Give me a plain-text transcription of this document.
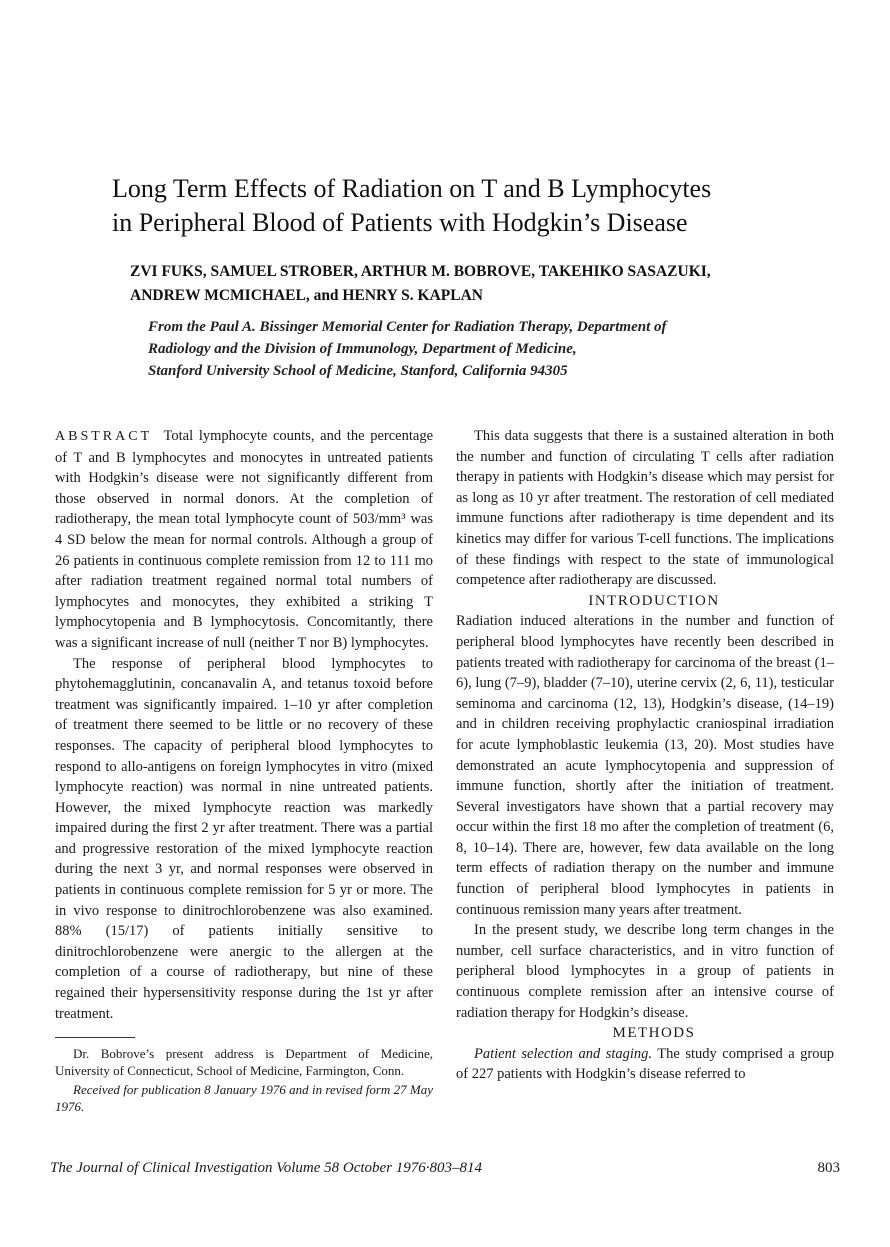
Long Term Effects of Radiation on T and B Lymphocytes
in Peripheral Blood of Patients with Hodgkin’s Disease
ZVI FUKS, SAMUEL STROBER, ARTHUR M. BOBROVE, TAKEHIKO SASAZUKI,
ANDREW MCMICHAEL, and HENRY S. KAPLAN
From the Paul A. Bissinger Memorial Center for Radiation Therapy, Department of
Radiology and the Division of Immunology, Department of Medicine,
Stanford University School of Medicine, Stanford, California 94305

ABSTRACT Total lymphocyte counts, and the percentage of T and B lymphocytes and monocytes in untreated patients with Hodgkin’s disease were not significantly different from those observed in normal donors. At the completion of radiotherapy, the mean total lymphocyte count of 503/mm³ was 4 SD below the mean for normal controls. Although a group of 26 patients in continuous complete remission from 12 to 111 mo after radiation treatment regained normal total numbers of lymphocytes and monocytes, they exhibited a striking T lymphocytopenia and B lymphocytosis. Concomitantly, there was a significant increase of null (neither T nor B) lymphocytes.

The response of peripheral blood lymphocytes to phytohemagglutinin, concanavalin A, and tetanus toxoid before treatment was significantly impaired. 1–10 yr after completion of treatment there seemed to be little or no recovery of these responses. The capacity of peripheral blood lymphocytes to respond to allo-antigens on foreign lymphocytes in vitro (mixed lymphocyte reaction) was normal in nine untreated patients. However, the mixed lymphocyte reaction was markedly impaired during the first 2 yr after treatment. There was a partial and progressive restoration of the mixed lymphocyte reaction during the next 3 yr, and normal responses were observed in patients in continuous complete remission for 5 yr or more. The in vivo response to dinitrochlorobenzene was also examined. 88% (15/17) of patients initially sensitive to dinitrochlorobenzene were anergic to the allergen at the completion of a course of radiotherapy, but nine of these regained their hypersensitivity response during the 1st yr after treatment.

Dr. Bobrove’s present address is Department of Medicine, University of Connecticut, School of Medicine, Farmington, Conn.

Received for publication 8 January 1976 and in revised form 27 May 1976.

This data suggests that there is a sustained alteration in both the number and function of circulating T cells after radiation therapy in patients with Hodgkin’s disease which may persist for as long as 10 yr after treatment. The restoration of cell mediated immune functions after radiotherapy is time dependent and its kinetics may differ for various T-cell functions. The implications of these findings with respect to the state of immunological competence after radiotherapy are discussed.

INTRODUCTION

Radiation induced alterations in the number and function of peripheral blood lymphocytes have recently been described in patients treated with radiotherapy for carcinoma of the breast (1–6), lung (7–9), bladder (7–10), uterine cervix (2, 6, 11), testicular seminoma and carcinoma (12, 13), Hodgkin’s disease, (14–19) and in children receiving prophylactic craniospinal irradiation for acute lymphoblastic leukemia (13, 20). Most studies have demonstrated an acute lymphocytopenia and suppression of immune function, shortly after the initiation of treatment. Several investigators have shown that a partial recovery may occur within the first 18 mo after the completion of treatment (6, 8, 10–14). There are, however, few data available on the long term effects of radiation therapy on the number and immune function of peripheral blood lymphocytes in patients in continuous remission many years after treatment.

In the present study, we describe long term changes in the number, cell surface characteristics, and in vitro function of peripheral blood lymphocytes in a group of patients in continuous complete remission after an intensive course of radiation therapy for Hodgkin’s disease.

METHODS

Patient selection and staging. The study comprised a group of 227 patients with Hodgkin’s disease referred to

The Journal of Clinical Investigation Volume 58 October 1976·803–814	803
